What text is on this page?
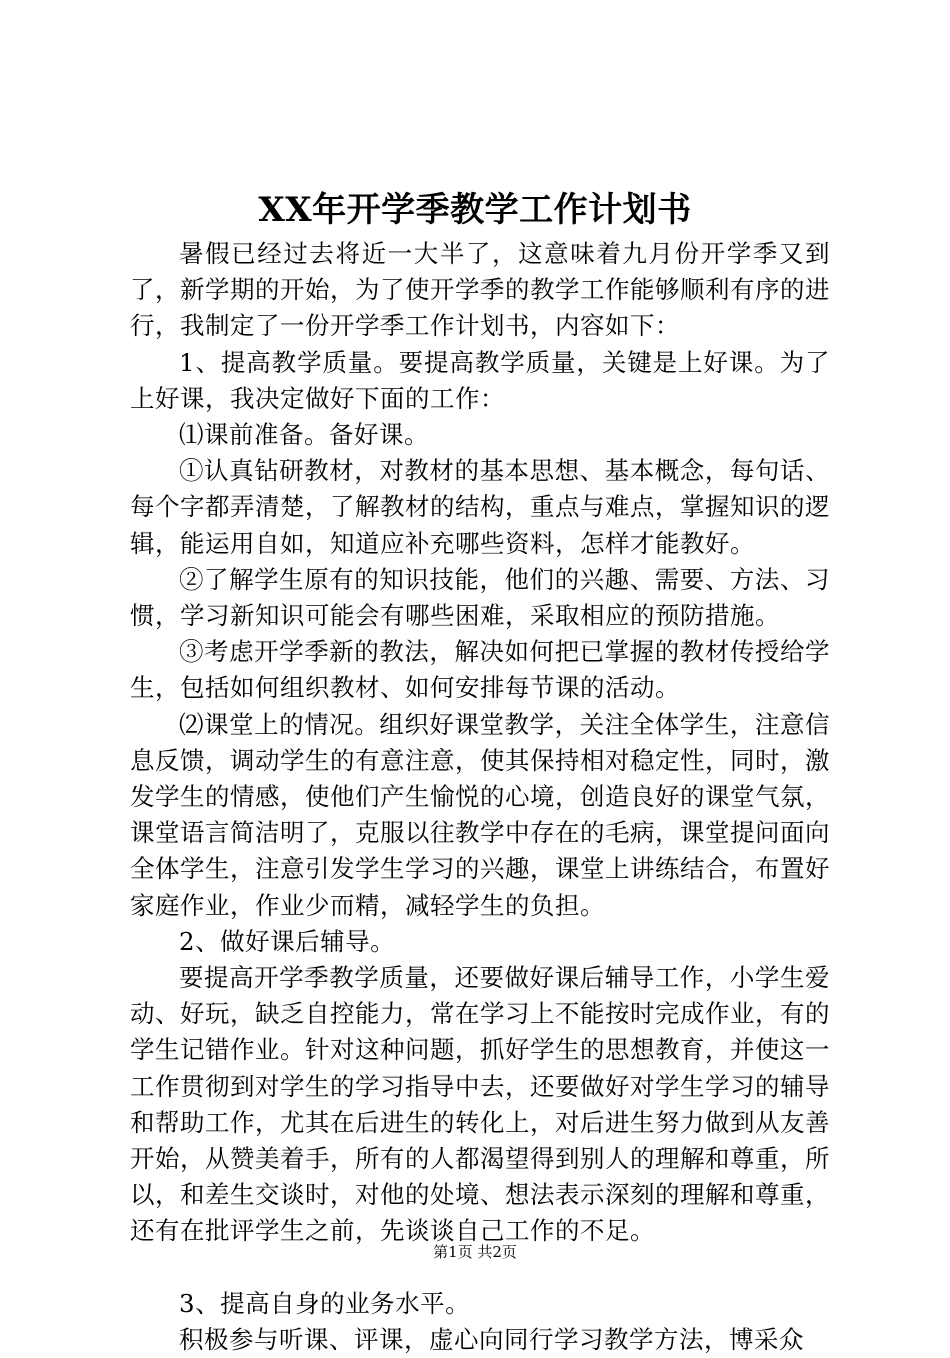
XX年开学季教学工作计划书

暑假已经过去将近一大半了，这意味着九月份开学季又到了，新学期的开始，为了使开学季的教学工作能够顺利有序的进行，我制定了一份开学季工作计划书，内容如下：

1、提高教学质量。要提高教学质量，关键是上好课。为了上好课，我决定做好下面的工作：

⑴课前准备。备好课。

①认真钻研教材，对教材的基本思想、基本概念，每句话、每个字都弄清楚，了解教材的结构，重点与难点，掌握知识的逻辑，能运用自如，知道应补充哪些资料，怎样才能教好。

②了解学生原有的知识技能，他们的兴趣、需要、方法、习惯，学习新知识可能会有哪些困难，采取相应的预防措施。

③考虑开学季新的教法，解决如何把已掌握的教材传授给学生，包括如何组织教材、如何安排每节课的活动。

⑵课堂上的情况。组织好课堂教学，关注全体学生，注意信息反馈，调动学生的有意注意，使其保持相对稳定性，同时，激发学生的情感，使他们产生愉悦的心境，创造良好的课堂气氛，课堂语言简洁明了，克服以往教学中存在的毛病，课堂提问面向全体学生，注意引发学生学习的兴趣，课堂上讲练结合，布置好家庭作业，作业少而精，减轻学生的负担。

2、做好课后辅导。

要提高开学季教学质量，还要做好课后辅导工作，小学生爱动、好玩，缺乏自控能力，常在学习上不能按时完成作业，有的学生记错作业。针对这种问题，抓好学生的思想教育，并使这一工作贯彻到对学生的学习指导中去，还要做好对学生学习的辅导和帮助工作，尤其在后进生的转化上，对后进生努力做到从友善开始，从赞美着手，所有的人都渴望得到别人的理解和尊重，所以，和差生交谈时，对他的处境、想法表示深刻的理解和尊重，还有在批评学生之前，先谈谈自己工作的不足。

3、提高自身的业务水平。

积极参与听课、评课，虚心向同行学习教学方法，博采众

第1页 共2页
